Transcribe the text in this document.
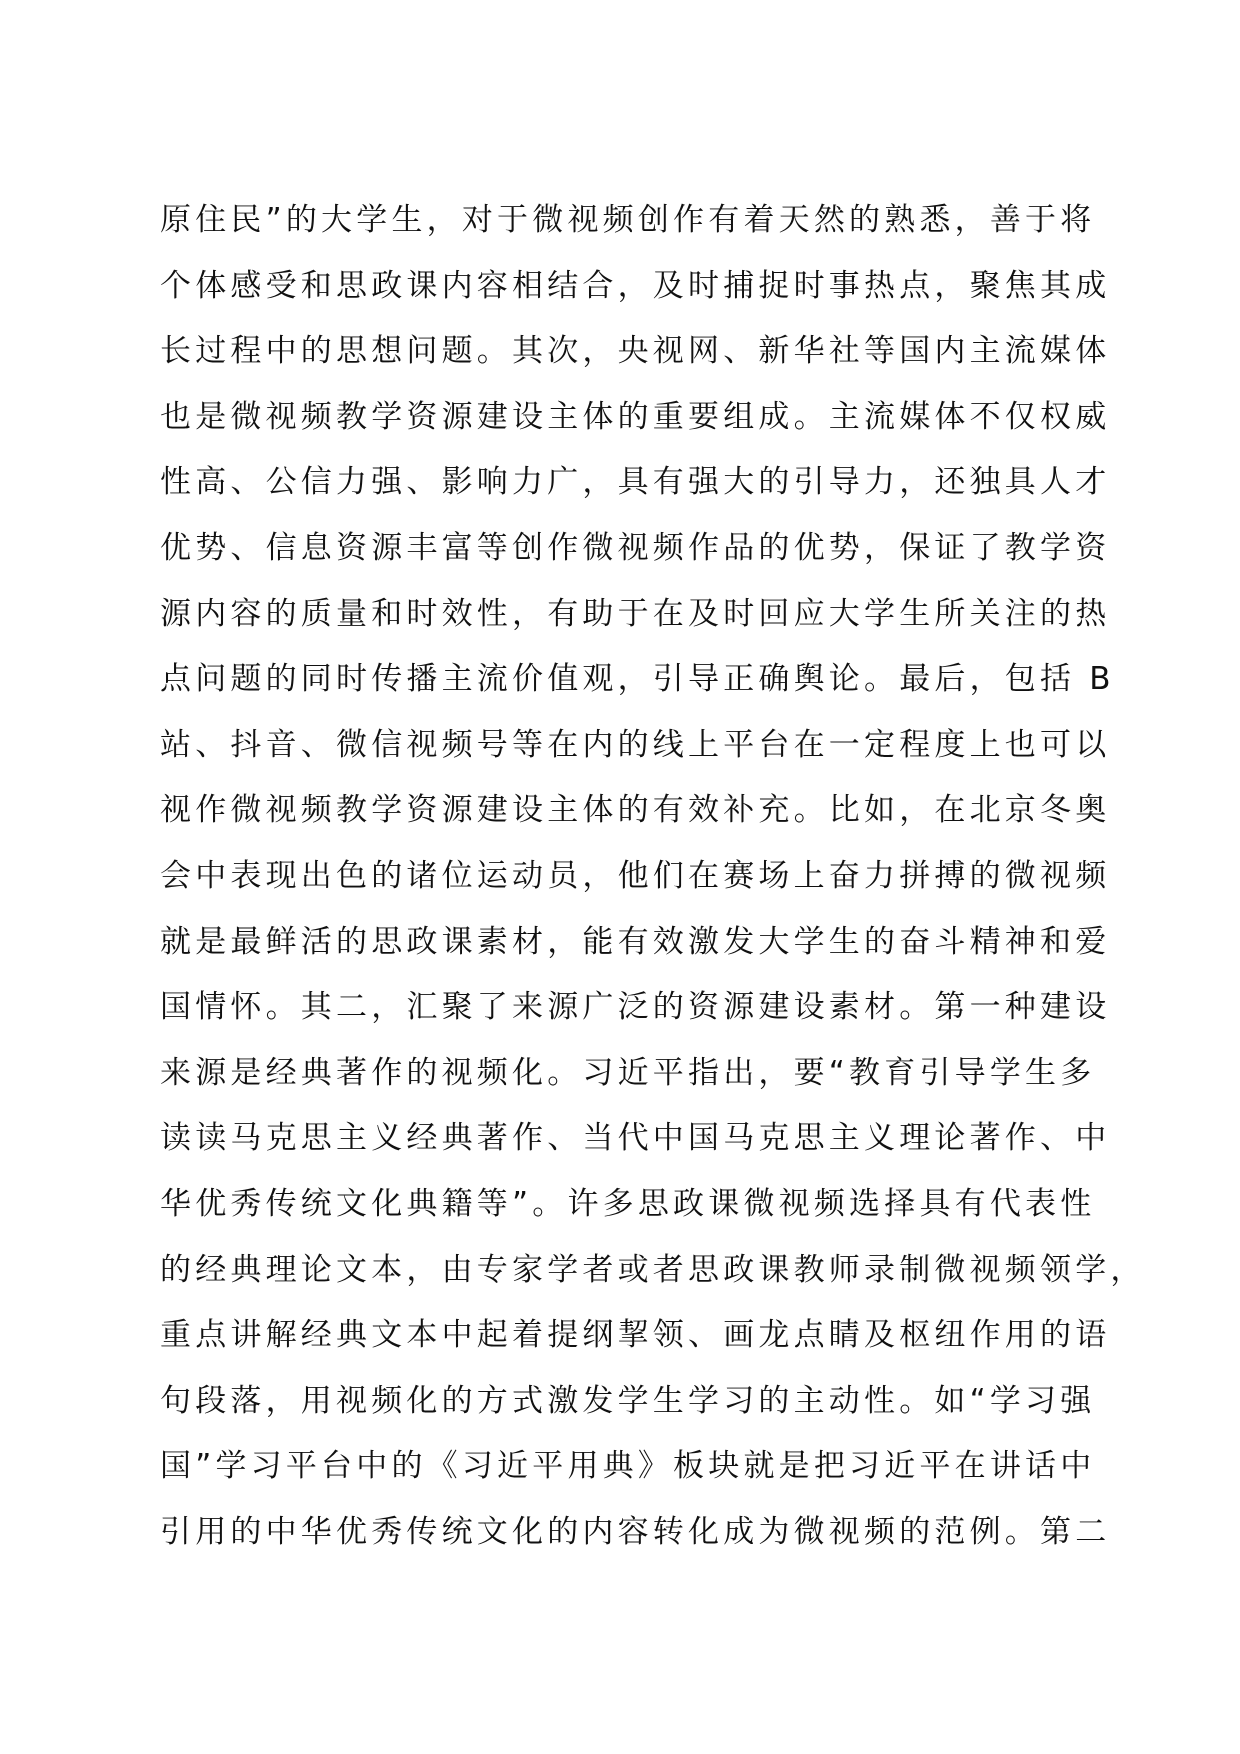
原住民”的大学生，对于微视频创作有着天然的熟悉，善于将
个体感受和思政课内容相结合，及时捕捉时事热点，聚焦其成
长过程中的思想问题。其次，央视网、新华社等国内主流媒体
也是微视频教学资源建设主体的重要组成。主流媒体不仅权威
性高、公信力强、影响力广，具有强大的引导力，还独具人才
优势、信息资源丰富等创作微视频作品的优势，保证了教学资
源内容的质量和时效性，有助于在及时回应大学生所关注的热
点问题的同时传播主流价值观，引导正确舆论。最后，包括 B
站、抖音、微信视频号等在内的线上平台在一定程度上也可以
视作微视频教学资源建设主体的有效补充。比如，在北京冬奥
会中表现出色的诸位运动员，他们在赛场上奋力拼搏的微视频
就是最鲜活的思政课素材，能有效激发大学生的奋斗精神和爱
国情怀。其二，汇聚了来源广泛的资源建设素材。第一种建设
来源是经典著作的视频化。习近平指出，要“教育引导学生多
读读马克思主义经典著作、当代中国马克思主义理论著作、中
华优秀传统文化典籍等”。许多思政课微视频选择具有代表性
的经典理论文本，由专家学者或者思政课教师录制微视频领学，
重点讲解经典文本中起着提纲挈领、画龙点睛及枢纽作用的语
句段落，用视频化的方式激发学生学习的主动性。如“学习强
国”学习平台中的《习近平用典》板块就是把习近平在讲话中
引用的中华优秀传统文化的内容转化成为微视频的范例。第二
